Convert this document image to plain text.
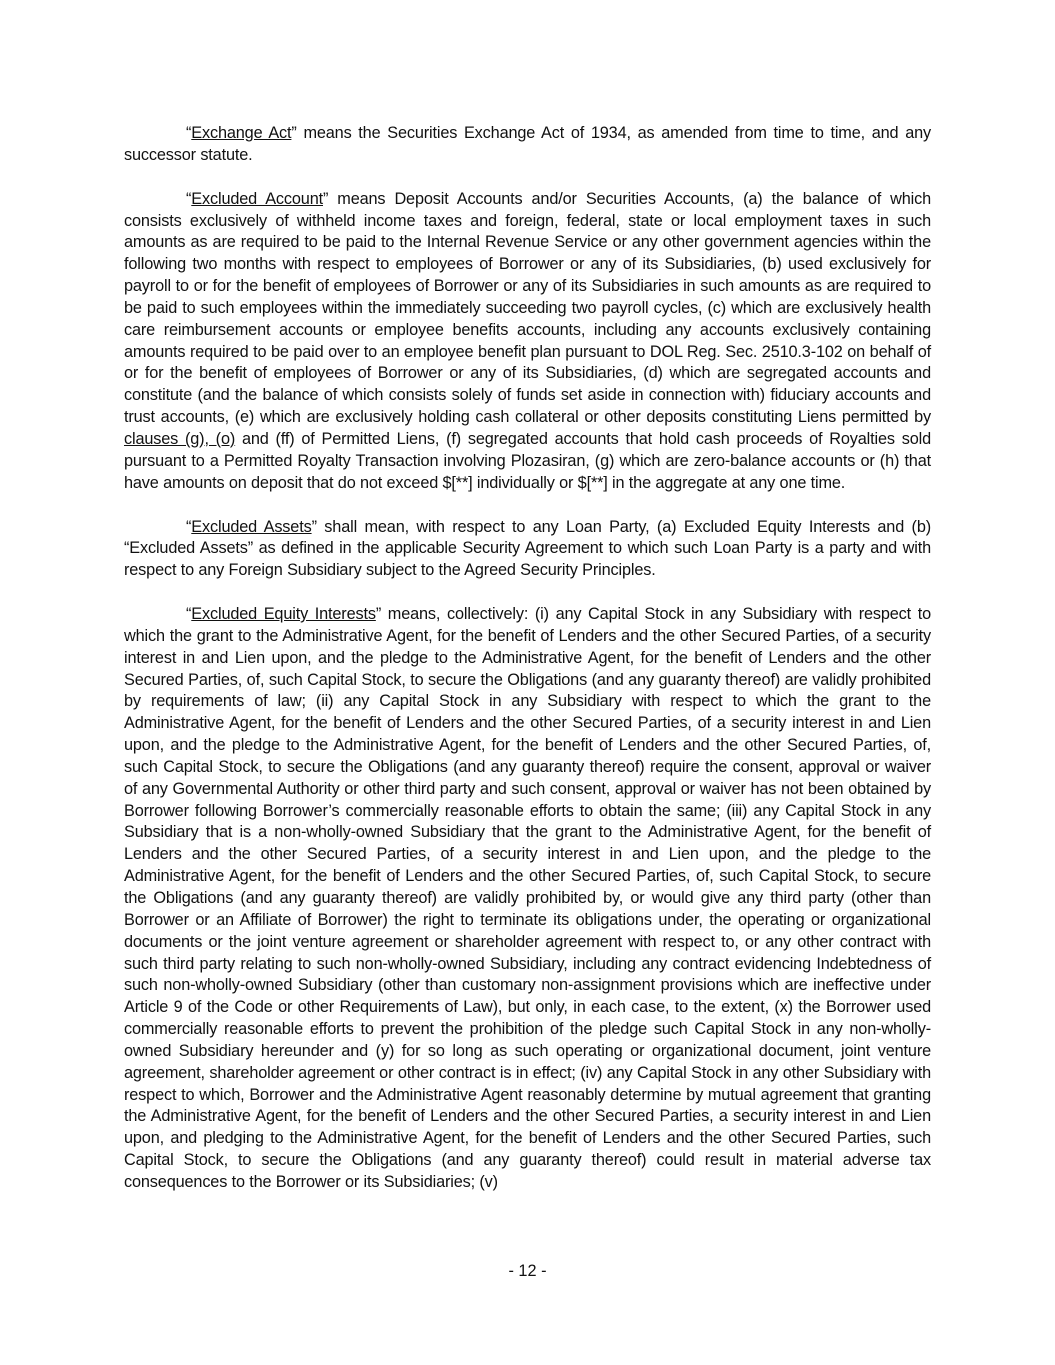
“Exchange Act” means the Securities Exchange Act of 1934, as amended from time to time, and any successor statute.

“Excluded Account” means Deposit Accounts and/or Securities Accounts, (a) the balance of which consists exclusively of withheld income taxes and foreign, federal, state or local employment taxes in such amounts as are required to be paid to the Internal Revenue Service or any other government agencies within the following two months with respect to employees of Borrower or any of its Subsidiaries, (b) used exclusively for payroll to or for the benefit of employees of Borrower or any of its Subsidiaries in such amounts as are required to be paid to such employees within the immediately succeeding two payroll cycles, (c) which are exclusively health care reimbursement accounts or employee benefits accounts, including any accounts exclusively containing amounts required to be paid over to an employee benefit plan pursuant to DOL Reg. Sec. 2510.3-102 on behalf of or for the benefit of employees of Borrower or any of its Subsidiaries, (d) which are segregated accounts and constitute (and the balance of which consists solely of funds set aside in connection with) fiduciary accounts and trust accounts, (e) which are exclusively holding cash collateral or other deposits constituting Liens permitted by clauses (g), (o) and (ff) of Permitted Liens, (f) segregated accounts that hold cash proceeds of Royalties sold pursuant to a Permitted Royalty Transaction involving Plozasiran, (g) which are zero-balance accounts or (h) that have amounts on deposit that do not exceed $[**] individually or $[**] in the aggregate at any one time.

“Excluded Assets” shall mean, with respect to any Loan Party, (a) Excluded Equity Interests and (b) “Excluded Assets” as defined in the applicable Security Agreement to which such Loan Party is a party and with respect to any Foreign Subsidiary subject to the Agreed Security Principles.

“Excluded Equity Interests” means, collectively: (i) any Capital Stock in any Subsidiary with respect to which the grant to the Administrative Agent, for the benefit of Lenders and the other Secured Parties, of a security interest in and Lien upon, and the pledge to the Administrative Agent, for the benefit of Lenders and the other Secured Parties, of, such Capital Stock, to secure the Obligations (and any guaranty thereof) are validly prohibited by requirements of law; (ii) any Capital Stock in any Subsidiary with respect to which the grant to the Administrative Agent, for the benefit of Lenders and the other Secured Parties, of a security interest in and Lien upon, and the pledge to the Administrative Agent, for the benefit of Lenders and the other Secured Parties, of, such Capital Stock, to secure the Obligations (and any guaranty thereof) require the consent, approval or waiver of any Governmental Authority or other third party and such consent, approval or waiver has not been obtained by Borrower following Borrower’s commercially reasonable efforts to obtain the same; (iii) any Capital Stock in any Subsidiary that is a non-wholly-owned Subsidiary that the grant to the Administrative Agent, for the benefit of Lenders and the other Secured Parties, of a security interest in and Lien upon, and the pledge to the Administrative Agent, for the benefit of Lenders and the other Secured Parties, of, such Capital Stock, to secure the Obligations (and any guaranty thereof) are validly prohibited by, or would give any third party (other than Borrower or an Affiliate of Borrower) the right to terminate its obligations under, the operating or organizational documents or the joint venture agreement or shareholder agreement with respect to, or any other contract with such third party relating to such non-wholly-owned Subsidiary, including any contract evidencing Indebtedness of such non-wholly-owned Subsidiary (other than customary non-assignment provisions which are ineffective under Article 9 of the Code or other Requirements of Law), but only, in each case, to the extent, (x) the Borrower used commercially reasonable efforts to prevent the prohibition of the pledge such Capital Stock in any non-wholly-owned Subsidiary hereunder and (y) for so long as such operating or organizational document, joint venture agreement, shareholder agreement or other contract is in effect; (iv) any Capital Stock in any other Subsidiary with respect to which, Borrower and the Administrative Agent reasonably determine by mutual agreement that granting the Administrative Agent, for the benefit of Lenders and the other Secured Parties, a security interest in and Lien upon, and pledging to the Administrative Agent, for the benefit of Lenders and the other Secured Parties, such Capital Stock, to secure the Obligations (and any guaranty thereof) could result in material adverse tax consequences to the Borrower or its Subsidiaries; (v)

- 12 -
